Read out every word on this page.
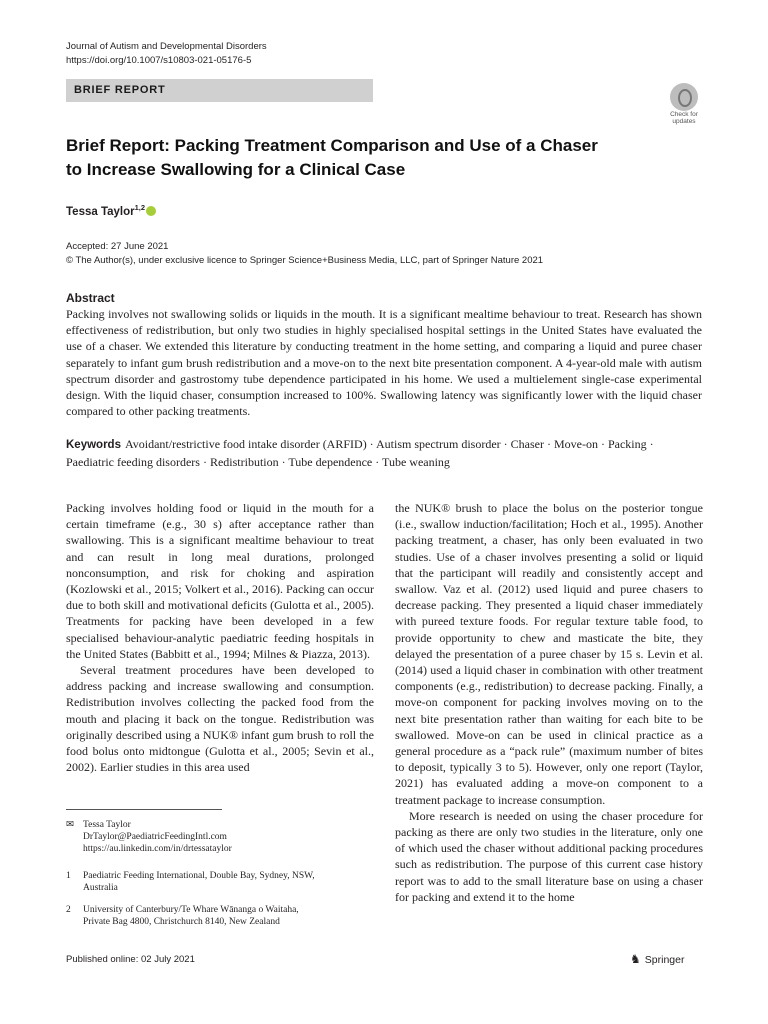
Journal of Autism and Developmental Disorders
https://doi.org/10.1007/s10803-021-05176-5
BRIEF REPORT
Check for
updates
Brief Report: Packing Treatment Comparison and Use of a Chaser
to Increase Swallowing for a Clinical Case
Tessa Taylor$^{1,2}$
Accepted: 27 June 2021
© The Author(s), under exclusive licence to Springer Science+Business Media, LLC, part of Springer Nature 2021
Abstract

Packing involves not swallowing solids or liquids in the mouth. It is a significant mealtime behaviour to treat. Research has shown effectiveness of redistribution, but only two studies in highly specialised hospital settings in the United States have evaluated the use of a chaser. We extended this literature by conducting treatment in the home setting, and comparing a liquid and puree chaser separately to infant gum brush redistribution and a move-on to the next bite presentation component. A 4-year-old male with autism spectrum disorder and gastrostomy tube dependence participated in his home. We used a multielement single-case experimental design. With the liquid chaser, consumption increased to 100%. Swallowing latency was significantly lower with the liquid chaser compared to other packing treatments.

Keywords Avoidant/restrictive food intake disorder (ARFID) · Autism spectrum disorder · Chaser · Move-on · Packing · Paediatric feeding disorders · Redistribution · Tube dependence · Tube weaning

Packing involves holding food or liquid in the mouth for a certain timeframe (e.g., 30 s) after acceptance rather than swallowing. This is a significant mealtime behaviour to treat and can result in long meal durations, prolonged nonconsumption, and risk for choking and aspiration (Kozlowski et al., 2015; Volkert et al., 2016). Packing can occur due to both skill and motivational deficits (Gulotta et al., 2005). Treatments for packing have been developed in a few specialised behaviour-analytic paediatric feeding hospitals in the United States (Babbitt et al., 1994; Milnes & Piazza, 2013).

Several treatment procedures have been developed to address packing and increase swallowing and consumption. Redistribution involves collecting the packed food from the mouth and placing it back on the tongue. Redistribution was originally described using a NUK® infant gum brush to roll the food bolus onto midtongue (Gulotta et al., 2005; Sevin et al., 2002). Earlier studies in this area used

the NUK® brush to place the bolus on the posterior tongue (i.e., swallow induction/facilitation; Hoch et al., 1995). Another packing treatment, a chaser, has only been evaluated in two studies. Use of a chaser involves presenting a solid or liquid that the participant will readily and consistently accept and swallow. Vaz et al. (2012) used liquid and puree chasers to decrease packing. They presented a liquid chaser immediately with pureed texture foods. For regular texture table food, to provide opportunity to chew and masticate the bite, they delayed the presentation of a puree chaser by 15 s. Levin et al. (2014) used a liquid chaser in combination with other treatment components (e.g., redistribution) to decrease packing. Finally, a move-on component for packing involves moving on to the next bite presentation rather than waiting for each bite to be swallowed. Move-on can be used in clinical practice as a general procedure as a “pack rule” (maximum number of bites to deposit, typically 3 to 5). However, only one report (Taylor, 2021) has evaluated adding a move-on component to a treatment package to increase consumption.

More research is needed on using the chaser procedure for packing as there are only two studies in the literature, only one of which used the chaser without additional packing procedures such as redistribution. The purpose of this current case history report was to add to the small literature base on using a chaser for packing and extend it to the home

✉ Tessa Taylor
DrTaylor@PaediatricFeedingIntl.com
https://au.linkedin.com/in/drtessataylor
1	Paediatric Feeding International, Double Bay, Sydney, NSW,
Australia
2	University of Canterbury/Te Whare Wānanga o Waitaha,
Private Bag 4800, Christchurch 8140, New Zealand
Published online: 02 July 2021	♞ Springer
